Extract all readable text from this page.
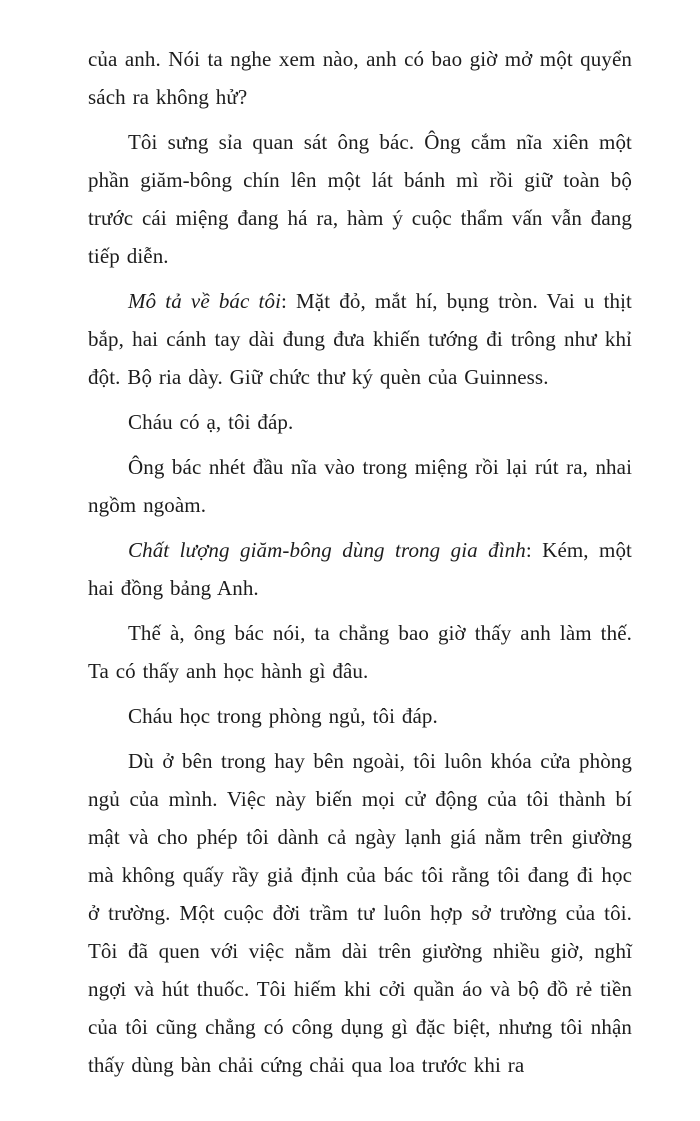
của anh. Nói ta nghe xem nào, anh có bao giờ mở một quyển sách ra không hử?

Tôi sưng sỉa quan sát ông bác. Ông cắm nĩa xiên một phần giăm-bông chín lên một lát bánh mì rồi giữ toàn bộ trước cái miệng đang há ra, hàm ý cuộc thẩm vấn vẫn đang tiếp diễn.

Mô tả về bác tôi: Mặt đỏ, mắt hí, bụng tròn. Vai u thịt bắp, hai cánh tay dài đung đưa khiến tướng đi trông như khỉ đột. Bộ ria dày. Giữ chức thư ký quèn của Guinness.

Cháu có ạ, tôi đáp.

Ông bác nhét đầu nĩa vào trong miệng rồi lại rút ra, nhai ngồm ngoàm.

Chất lượng giăm-bông dùng trong gia đình: Kém, một hai đồng bảng Anh.

Thế à, ông bác nói, ta chẳng bao giờ thấy anh làm thế. Ta có thấy anh học hành gì đâu.

Cháu học trong phòng ngủ, tôi đáp.

Dù ở bên trong hay bên ngoài, tôi luôn khóa cửa phòng ngủ của mình. Việc này biến mọi cử động của tôi thành bí mật và cho phép tôi dành cả ngày lạnh giá nằm trên giường mà không quấy rầy giả định của bác tôi rằng tôi đang đi học ở trường. Một cuộc đời trầm tư luôn hợp sở trường của tôi. Tôi đã quen với việc nằm dài trên giường nhiều giờ, nghĩ ngợi và hút thuốc. Tôi hiếm khi cởi quần áo và bộ đồ rẻ tiền của tôi cũng chẳng có công dụng gì đặc biệt, nhưng tôi nhận thấy dùng bàn chải cứng chải qua loa trước khi ra
